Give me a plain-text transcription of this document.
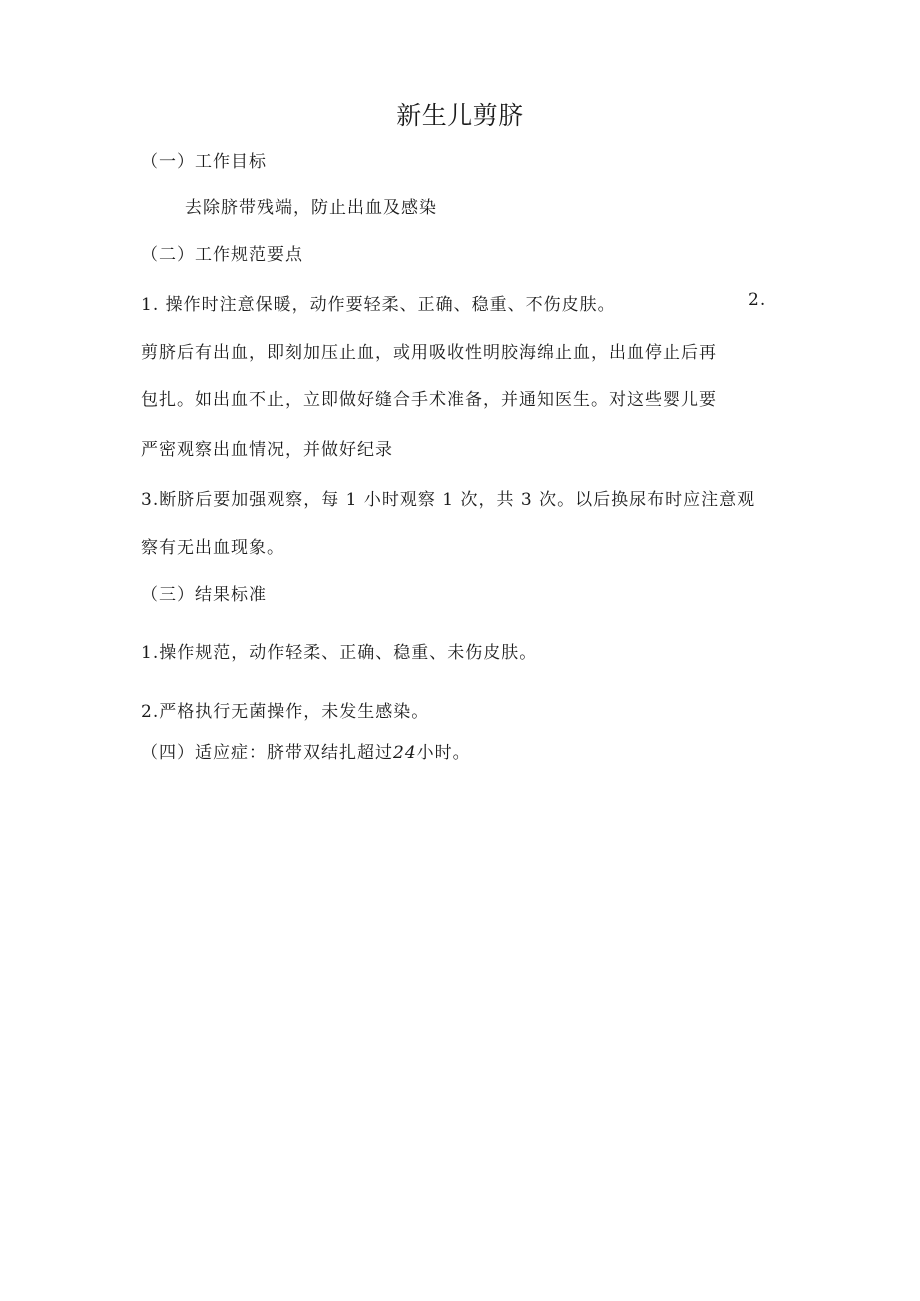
新生儿剪脐
（一）工作目标
去除脐带残端，防止出血及感染
（二）工作规范要点
1. 操作时注意保暖，动作要轻柔、正确、稳重、不伤皮肤。	2.
剪脐后有出血，即刻加压止血，或用吸收性明胶海绵止血，出血停止后再
包扎。如出血不止，立即做好缝合手术准备，并通知医生。对这些婴儿要
严密观察出血情况，并做好纪录
3.断脐后要加强观察，每 1 小时观察 1 次，共 3 次。以后换尿布时应注意观
察有无出血现象。
（三）结果标准
1.操作规范，动作轻柔、正确、稳重、未伤皮肤。
2.严格执行无菌操作，未发生感染。
（四）适应症：脐带双结扎超过24小时。
